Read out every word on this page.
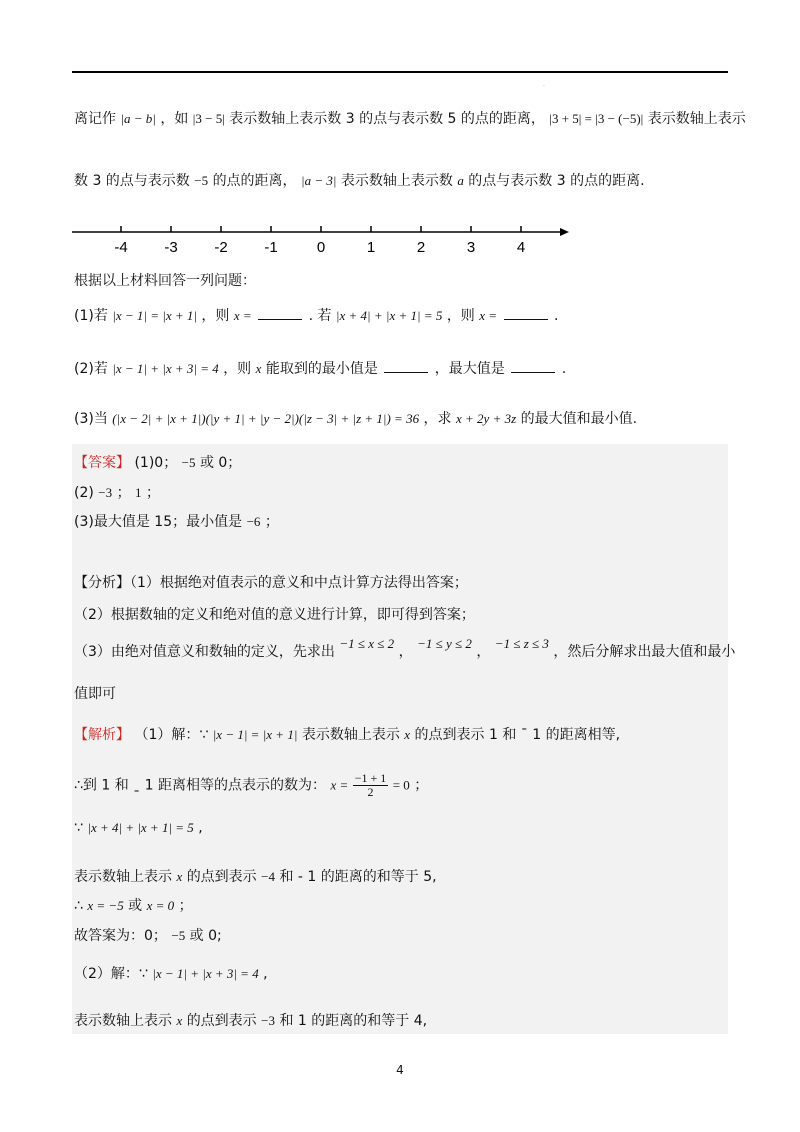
.
离记作 |a − b| ，如 |3 − 5| 表示数轴上表示数 3 的点与表示数 5 的点的距离， |3 + 5| = |3 − (−5)| 表示数轴上表示
数 3 的点与表示数 −5 的点的距离， |a − 3| 表示数轴上表示数 a 的点与表示数 3 的点的距离.
-4 -3 -2 -1	0	1	2	3	4
根据以上材料回答一列问题：
(1)若 |x − 1| = |x + 1| ，则 x =	. 若 |x + 4| + |x + 1| = 5 ，则 x =	.
(2)若 |x − 1| + |x + 3| = 4 ，则 x 能取到的最小值是	，最大值是	.
(3)当 (|x − 2| + |x + 1|)(|y + 1| + |y − 2|)(|z − 3| + |z + 1|) = 36 ，求 x + 2y + 3z 的最大值和最小值.
【答案】 (1)0； −5 或 0；
(2) −3 ； 1 ；
(3)最大值是 15；最小值是 −6 ；
【分析】（1）根据绝对值表示的意义和中点计算方法得出答案；
（2）根据数轴的定义和绝对值的意义进行计算，即可得到答案；
（3）由绝对值意义和数轴的定义，先求出 −1 ≤ x ≤ 2 ， −1 ≤ y ≤ 2 ， −1 ≤ z ≤ 3 ，然后分解求出最大值和最小
值即可
【解析】 （1）解：∵ |x − 1| = |x + 1| 表示数轴上表示 x 的点到表示 1 和 ˉ 1 的距离相等,
∴到 1 和 ˍ 1 距离相等的点表示的数为： $x = \frac{-1 + 1}{2} = 0$ ；
∵ |x + 4| + |x + 1| = 5 ,
表示数轴上表示 x 的点到表示 −4 和 - 1 的距离的和等于 5,
∴ x = −5 或 x = 0 ；
故答案为：0； −5 或 0;
（2）解：∵ |x − 1| + |x + 3| = 4 ,
表示数轴上表示 x 的点到表示 −3 和 1 的距离的和等于 4,
4
